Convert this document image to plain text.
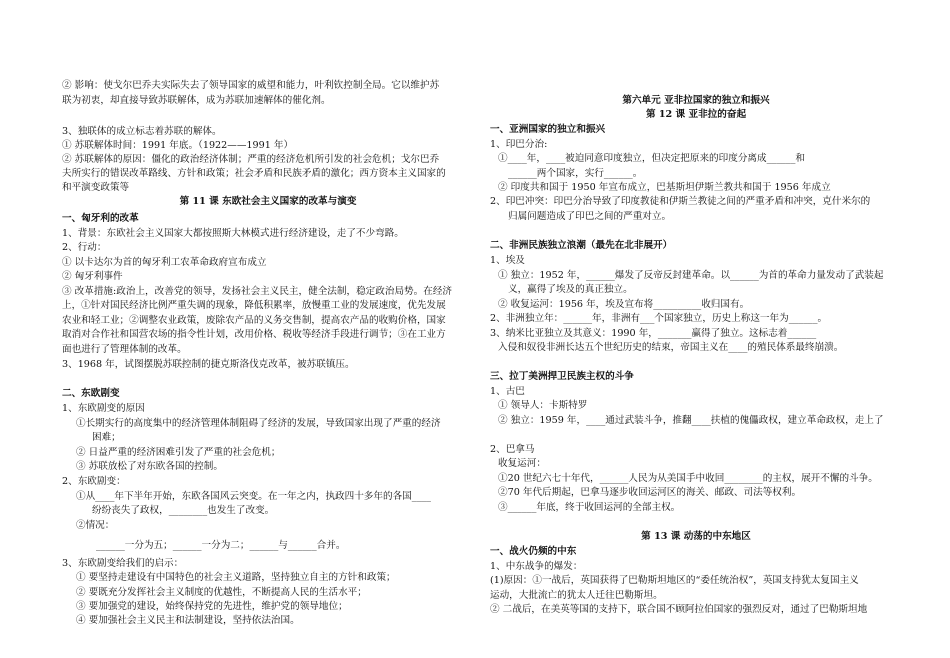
② 影响：使戈尔巴乔夫实际失去了领导国家的威望和能力，叶利钦控制全局。它以维护苏
联为初衷，却直接导致苏联解体，成为苏联加速解体的催化剂。
3、独联体的成立标志着苏联的解体。
① 苏联解体时间：1991 年底。（1922——1991 年）
② 苏联解体的原因：僵化的政治经济体制；严重的经济危机所引发的社会危机；戈尔巴乔
夫所实行的错误改革路线、方针和政策；社会矛盾和民族矛盾的激化；西方资本主义国家的
和平演变政策等
第 11 课 东欧社会主义国家的改革与演变
一、匈牙利的改革
1、背景：东欧社会主义国家大都按照斯大林模式进行经济建设，走了不少弯路。
2、行动：
① 以卡达尔为首的匈牙利工农革命政府宣布成立
② 匈牙利事件
③ 改革措施:政治上，改善党的领导，发扬社会主义民主，健全法制，稳定政治局势。在经济
上，①针对国民经济比例严重失调的现象，降低积累率，放慢重工业的发展速度，优先发展
农业和轻工业；②调整农业政策，废除农产品的义务交售制，提高农产品的收购价格，国家
取消对合作社和国营农场的指令性计划，改用价格、税收等经济手段进行调节；③在工业方
面也进行了管理体制的改革。
3、1968 年，试图摆脱苏联控制的捷克斯洛伐克改革，被苏联镇压。
二、东欧剧变
1、东欧剧变的原因
①长期实行的高度集中的经济管理体制阻碍了经济的发展，导致国家出现了严重的经济
困难；
② 日益严重的经济困难引发了严重的社会危机；
③ 苏联放松了对东欧各国的控制。
2、东欧剧变：
①从____年下半年开始，东欧各国风云突变。在一年之内，执政四十多年的各国____
纷纷丧失了政权，________也发生了改变。
②情况：
______一分为五；______一分为二；______与______合并。
3、东欧剧变给我们的启示：
① 要坚持走建设有中国特色的社会主义道路，坚持独立自主的方针和政策；
② 要既充分发挥社会主义制度的优越性，不断提高人民的生活水平；
③ 要加强党的建设，始终保持党的先进性，维护党的领导地位；
④ 要加强社会主义民主和法制建设，坚持依法治国。
第六单元 亚非拉国家的独立和振兴
第 12 课 亚非拉的奋起
一、亚洲国家的独立和振兴
1、印巴分治:
①____年，____被迫同意印度独立，但决定把原来的印度分离成______和
______两个国家，实行______。
② 印度共和国于 1950 年宣布成立，巴基斯坦伊斯兰教共和国于 1956 年成立
2、印巴冲突：印巴分治导致了印度教徒和伊斯兰教徒之间的严重矛盾和冲突，克什米尔的
归属问题造成了印巴之间的严重对立。
二、非洲民族独立浪潮（最先在北非展开）
1、埃及
① 独立：1952 年，______爆发了反帝反封建革命。以______为首的革命力量发动了武装起
义，赢得了埃及的真正独立。
② 收复运河：1956 年，埃及宣布将__________收归国有。
2、非洲独立年：______年，非洲有___个国家独立，历史上称这一年为______。
3、纳米比亚独立及其意义：1990 年，_______赢得了独立。这标志着______
入侵和奴役非洲长达五个世纪历史的结束，帝国主义在____的殖民体系最终崩溃。
三、拉丁美洲捍卫民族主权的斗争
1、古巴
① 领导人：卡斯特罗
② 独立：1959 年，____通过武装斗争，推翻____扶植的傀儡政权，建立革命政权，走上了
2、巴拿马
收复运河：
①20 世纪六七十年代，______人民为从美国手中收回________的主权，展开不懈的斗争。
②70 年代后期起，巴拿马逐步收回运河区的海关、邮政、司法等权利。
③______年底，终于收回运河的全部主权。
第 13 课 动荡的中东地区
一、战火仍频的中东
1、中东战争的爆发：
(1)原因：①一战后，英国获得了巴勒斯坦地区的“委任统治权”，英国支持犹太复国主义
运动，大批流亡的犹太人迁往巴勒斯坦。
② 二战后，在美英等国的支持下，联合国不顾阿拉伯国家的强烈反对，通过了巴勒斯坦地
